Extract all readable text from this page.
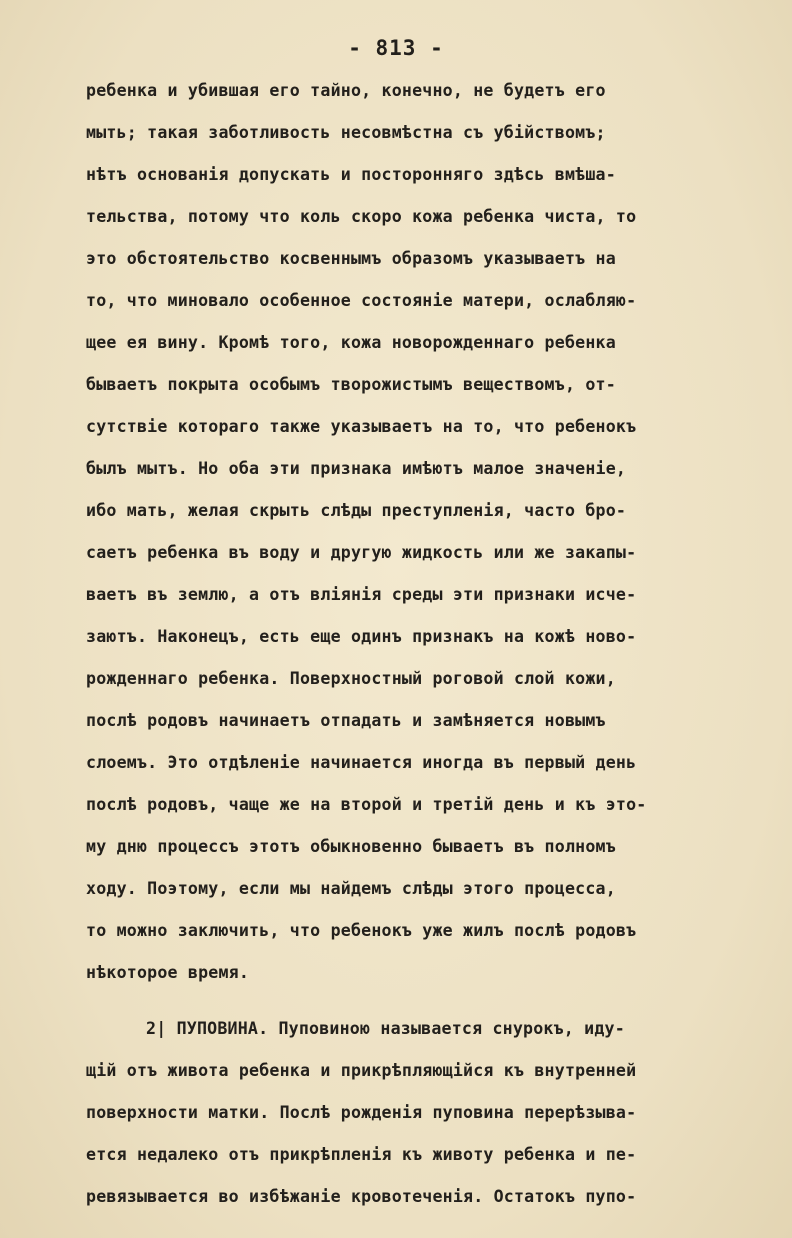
- 813 -
ребенка и убившая его тайно, конечно, не будетъ его
мыть; такая заботливость несовмѣстна съ убійствомъ;
нѣтъ основанія допускать и посторонняго здѣсь вмѣша-
тельства, потому что коль скоро кожа ребенка чиста, то
это обстоятельство косвеннымъ образомъ указываетъ на
то, что миновало особенное состояніе матери, ослабляю-
щее ея вину. Кромѣ того, кожа новорожденнаго ребенка
бываетъ покрыта особымъ творожистымъ веществомъ, от-
сутствіе котораго также указываетъ на то, что ребенокъ
былъ мытъ. Но оба эти признака имѣютъ малое значеніе,
ибо мать, желая скрыть слѣды преступленія, часто бро-
саетъ ребенка въ воду и другую жидкость или же закапы-
ваетъ въ землю, а отъ вліянія среды эти признаки исче-
заютъ. Наконецъ, есть еще одинъ признакъ на кожѣ ново-
рожденнаго ребенка. Поверхностный роговой слой кожи,
послѣ родовъ начинаетъ отпадать и замѣняется новымъ
слоемъ. Это отдѣленіе начинается иногда въ первый день
послѣ родовъ, чаще же на второй и третій день и къ это-
му дню процессъ этотъ обыкновенно бываетъ въ полномъ
ходу. Поэтому, если мы найдемъ слѣды этого процесса,
то можно заключить, что ребенокъ уже жилъ послѣ родовъ
нѣкоторое время.
2| ПУПОВИНА. Пуповиною называется снурокъ, иду-
щій отъ живота ребенка и прикрѣпляющійся къ внутренней
поверхности матки. Послѣ рожденія пуповина перерѣзыва-
ется недалеко отъ прикрѣпленія къ животу ребенка и пе-
ревязывается во избѣжаніе кровотеченія. Остатокъ пупо-
